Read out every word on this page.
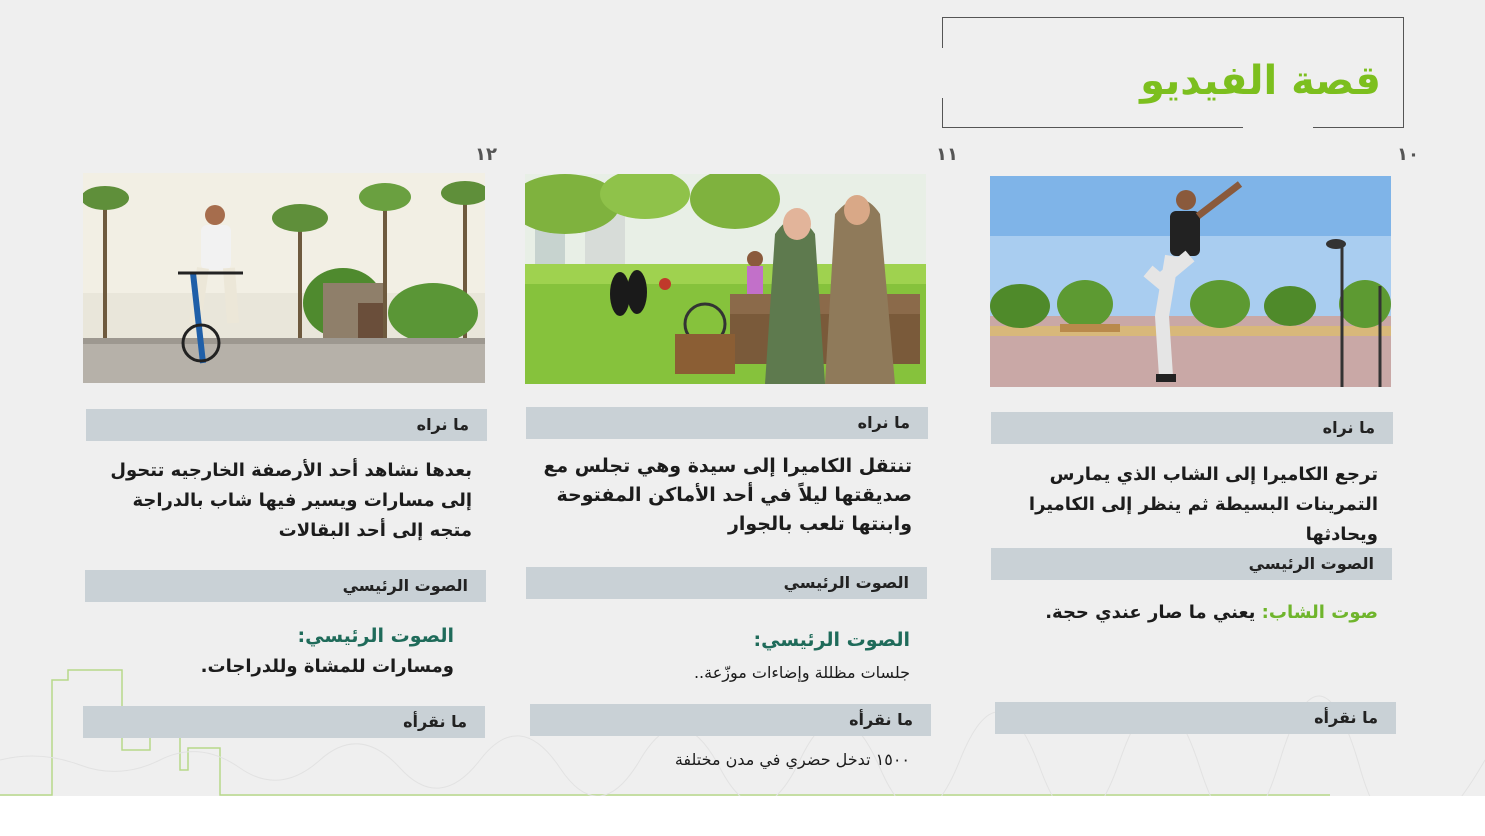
قصة الفيديو
١٠
١١
١٢
ما نراه
ترجع الكاميرا إلى الشاب الذي يمارس التمرينات البسيطة ثم ينظر إلى الكاميرا ويحادثها
الصوت الرئيسي
صوت الشاب: يعني ما صار عندي حجة.
ما نقرأه
ما نراه
تنتقل الكاميرا إلى سيدة وهي تجلس مع صديقتها ليلاً في أحد الأماكن المفتوحة وابنتها تلعب بالجوار
الصوت الرئيسي
الصوت الرئيسي:
جلسات مظللة وإضاءات موزّعة..
ما نقرأه
١٥٠٠ تدخل حضري في مدن مختلفة
ما نراه
بعدها نشاهد أحد الأرصفة الخارجيه تتحول إلى مسارات ويسير فيها شاب بالدراجة متجه إلى أحد البقالات
الصوت الرئيسي
الصوت الرئيسي:
ومسارات للمشاة وللدراجات.
ما نقرأه
